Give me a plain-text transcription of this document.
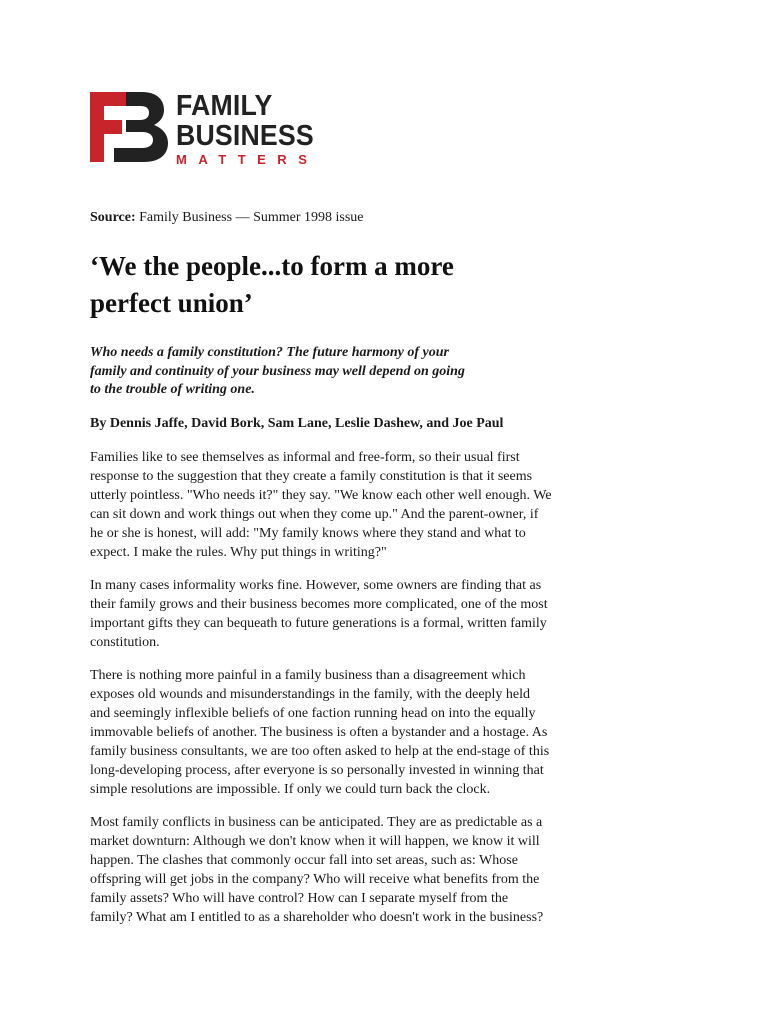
FAMILY
BUSINESS
MATTERS

Source: Family Business — Summer 1998 issue

‘We the people...to form a more
perfect union’

Who needs a family constitution? The future harmony of your
family and continuity of your business may well depend on going
to the trouble of writing one.

By Dennis Jaffe, David Bork, Sam Lane, Leslie Dashew, and Joe Paul

Families like to see themselves as informal and free-form, so their usual first response to the suggestion that they create a family constitution is that it seems utterly pointless. "Who needs it?" they say. "We know each other well enough. We can sit down and work things out when they come up." And the parent-owner, if he or she is honest, will add: "My family knows where they stand and what to expect. I make the rules. Why put things in writing?"

In many cases informality works fine. However, some owners are finding that as their family grows and their business becomes more complicated, one of the most important gifts they can bequeath to future generations is a formal, written family constitution.

There is nothing more painful in a family business than a disagreement which exposes old wounds and misunderstandings in the family, with the deeply held and seemingly inflexible beliefs of one faction running head on into the equally immovable beliefs of another. The business is often a bystander and a hostage. As family business consultants, we are too often asked to help at the end-stage of this long-developing process, after everyone is so personally invested in winning that simple resolutions are impossible. If only we could turn back the clock.

Most family conflicts in business can be anticipated. They are as predictable as a market downturn: Although we don't know when it will happen, we know it will happen. The clashes that commonly occur fall into set areas, such as: Whose offspring will get jobs in the company? Who will receive what benefits from the family assets? Who will have control? How can I separate myself from the family? What am I entitled to as a shareholder who doesn't work in the business?
